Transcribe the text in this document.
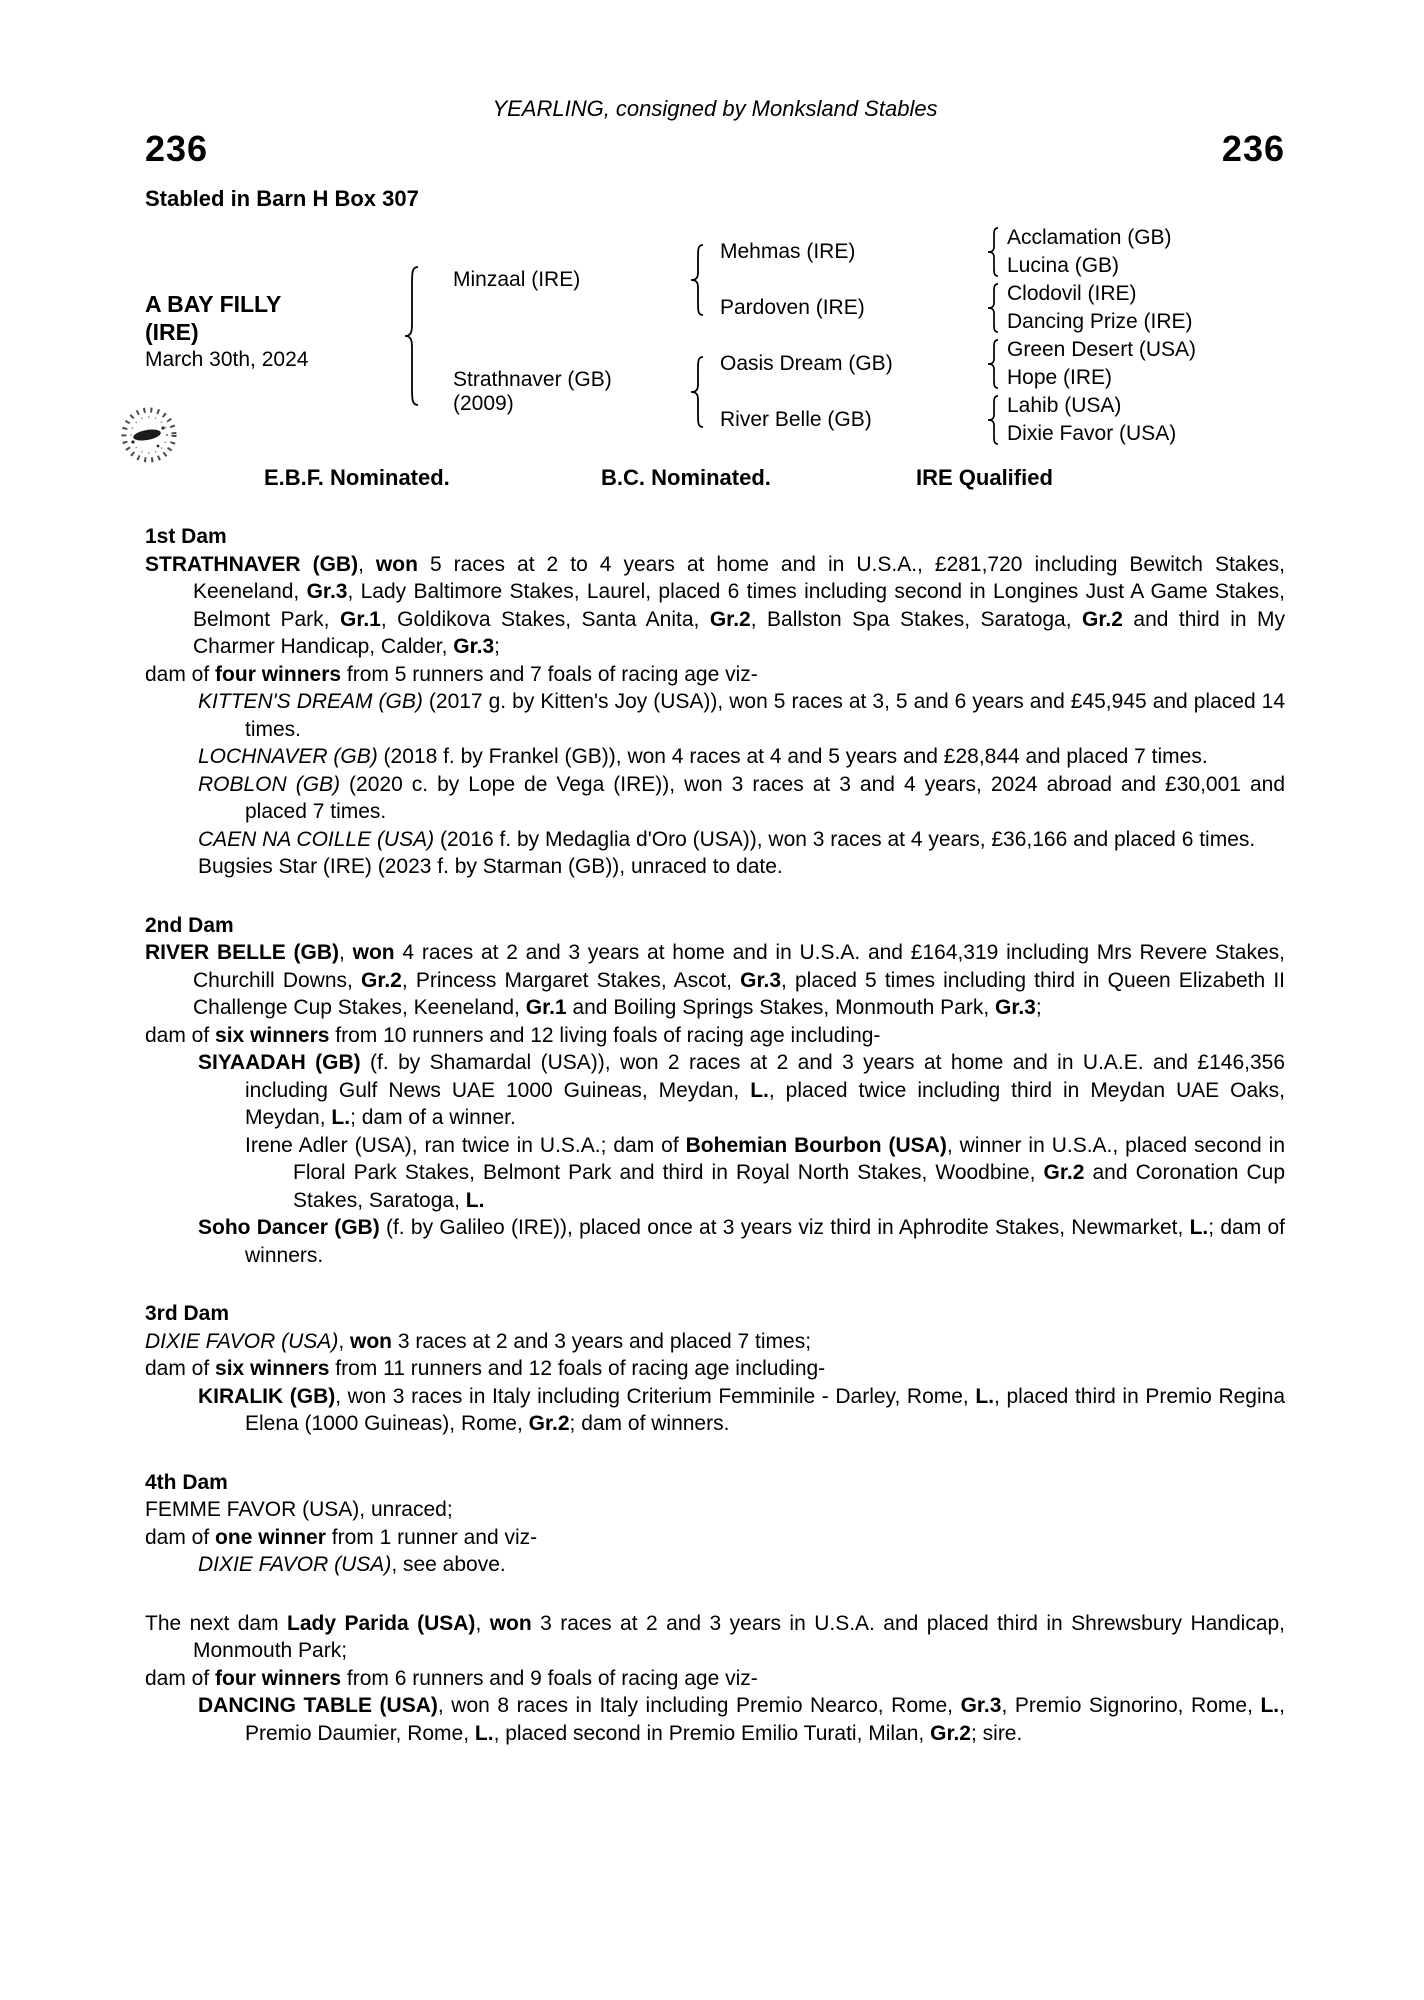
YEARLING, consigned by Monksland Stables
236	236
Stabled in Barn H Box 307
A BAY FILLY
(IRE)
March 30th, 2024
Minzaal (IRE)
Strathnaver (GB)
(2009)
Mehmas (IRE)
Pardoven (IRE)
Oasis Dream (GB)
River Belle (GB)
Acclamation (GB)
Lucina (GB)
Clodovil (IRE)
Dancing Prize (IRE)
Green Desert (USA)
Hope (IRE)
Lahib (USA)
Dixie Favor (USA)
E.B.F. Nominated.	B.C. Nominated.	IRE Qualified
1st Dam
STRATHNAVER (GB), won 5 races at 2 to 4 years at home and in U.S.A., £281,720 including Bewitch Stakes, Keeneland, Gr.3, Lady Baltimore Stakes, Laurel, placed 6 times including second in Longines Just A Game Stakes, Belmont Park, Gr.1, Goldikova Stakes, Santa Anita, Gr.2, Ballston Spa Stakes, Saratoga, Gr.2 and third in My Charmer Handicap, Calder, Gr.3;
dam of four winners from 5 runners and 7 foals of racing age viz-
KITTEN'S DREAM (GB) (2017 g. by Kitten's Joy (USA)), won 5 races at 3, 5 and 6 years and £45,945 and placed 14 times.
LOCHNAVER (GB) (2018 f. by Frankel (GB)), won 4 races at 4 and 5 years and £28,844 and placed 7 times.
ROBLON (GB) (2020 c. by Lope de Vega (IRE)), won 3 races at 3 and 4 years, 2024 abroad and £30,001 and placed 7 times.
CAEN NA COILLE (USA) (2016 f. by Medaglia d'Oro (USA)), won 3 races at 4 years, £36,166 and placed 6 times.
Bugsies Star (IRE) (2023 f. by Starman (GB)), unraced to date.
2nd Dam
RIVER BELLE (GB), won 4 races at 2 and 3 years at home and in U.S.A. and £164,319 including Mrs Revere Stakes, Churchill Downs, Gr.2, Princess Margaret Stakes, Ascot, Gr.3, placed 5 times including third in Queen Elizabeth II Challenge Cup Stakes, Keeneland, Gr.1 and Boiling Springs Stakes, Monmouth Park, Gr.3;
dam of six winners from 10 runners and 12 living foals of racing age including-
SIYAADAH (GB) (f. by Shamardal (USA)), won 2 races at 2 and 3 years at home and in U.A.E. and £146,356 including Gulf News UAE 1000 Guineas, Meydan, L., placed twice including third in Meydan UAE Oaks, Meydan, L.; dam of a winner.
Irene Adler (USA), ran twice in U.S.A.; dam of Bohemian Bourbon (USA), winner in U.S.A., placed second in Floral Park Stakes, Belmont Park and third in Royal North Stakes, Woodbine, Gr.2 and Coronation Cup Stakes, Saratoga, L.
Soho Dancer (GB) (f. by Galileo (IRE)), placed once at 3 years viz third in Aphrodite Stakes, Newmarket, L.; dam of winners.
3rd Dam
DIXIE FAVOR (USA), won 3 races at 2 and 3 years and placed 7 times;
dam of six winners from 11 runners and 12 foals of racing age including-
KIRALIK (GB), won 3 races in Italy including Criterium Femminile - Darley, Rome, L., placed third in Premio Regina Elena (1000 Guineas), Rome, Gr.2; dam of winners.
4th Dam
FEMME FAVOR (USA), unraced;
dam of one winner from 1 runner and viz-
DIXIE FAVOR (USA), see above.
The next dam Lady Parida (USA), won 3 races at 2 and 3 years in U.S.A. and placed third in Shrewsbury Handicap, Monmouth Park;
dam of four winners from 6 runners and 9 foals of racing age viz-
DANCING TABLE (USA), won 8 races in Italy including Premio Nearco, Rome, Gr.3, Premio Signorino, Rome, L., Premio Daumier, Rome, L., placed second in Premio Emilio Turati, Milan, Gr.2; sire.
